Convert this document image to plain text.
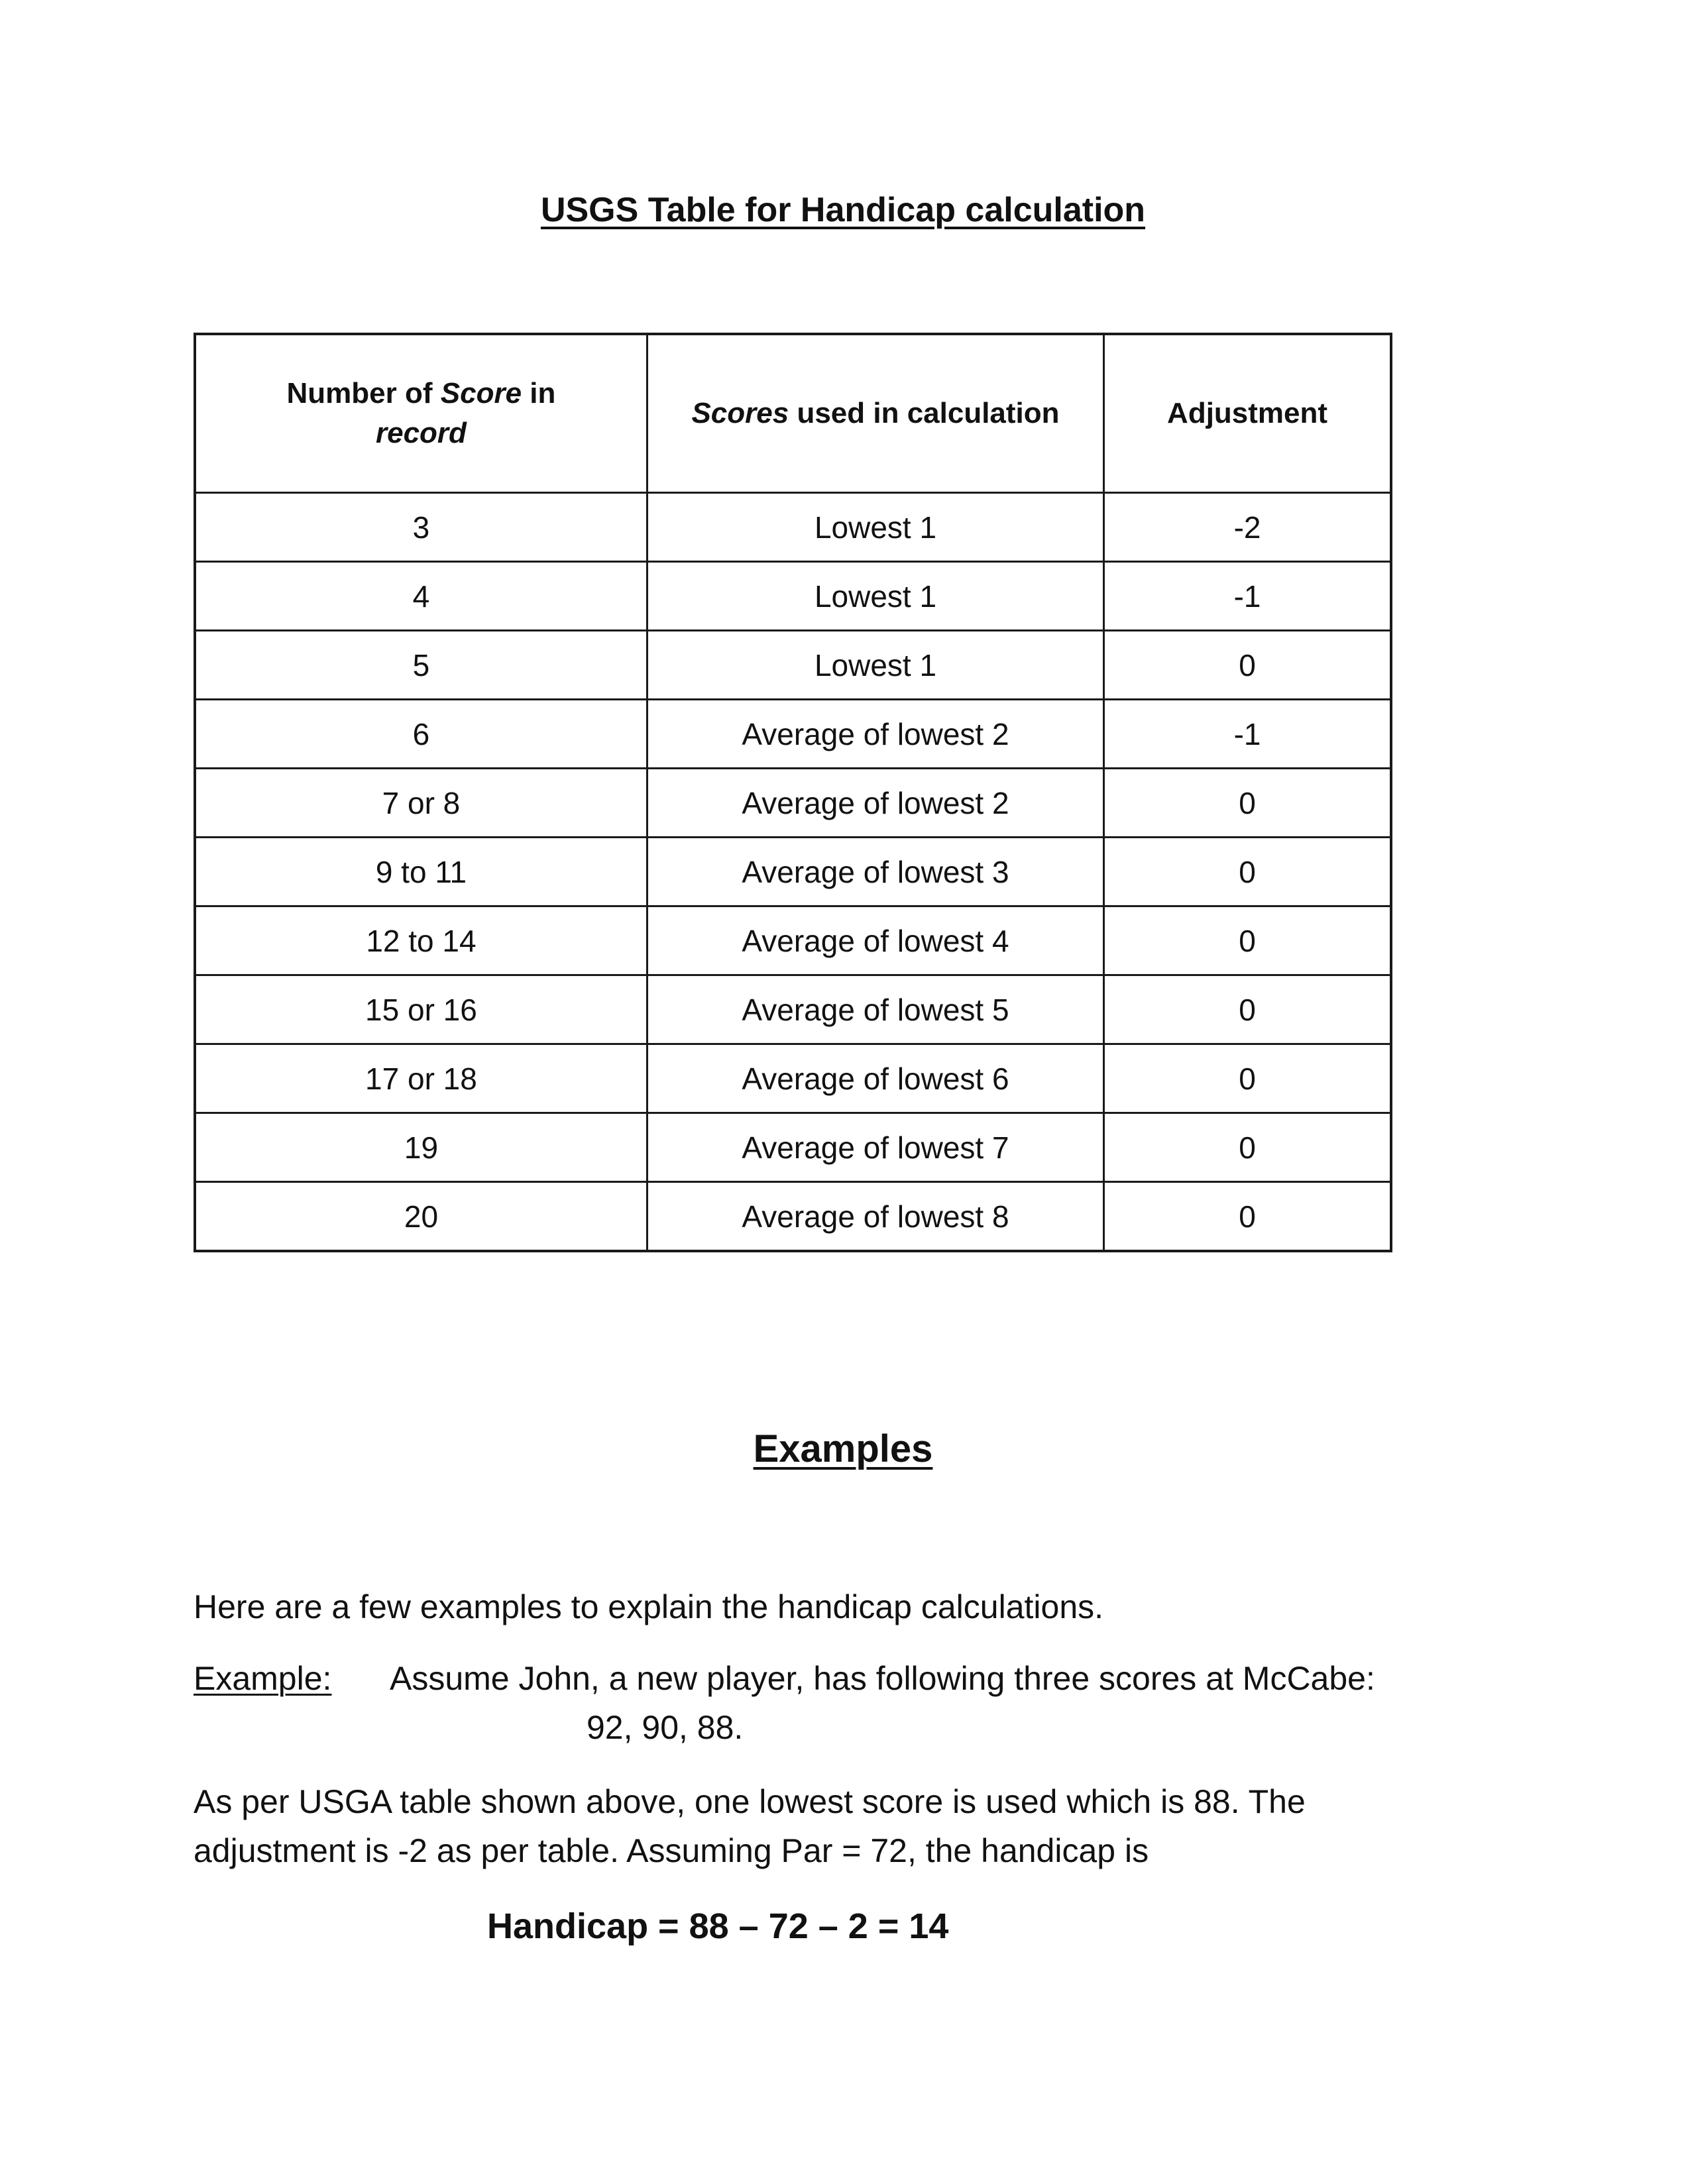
USGS Table for Handicap calculation
Number of Score in
record	Scores used in calculation	Adjustment
3	Lowest 1	-2
4	Lowest 1	-1
5	Lowest 1	0
6	Average of lowest 2	-1
7 or 8	Average of lowest 2	0
9 to 11	Average of lowest 3	0
12 to 14	Average of lowest 4	0
15 or 16	Average of lowest 5	0
17 or 18	Average of lowest 6	0
19	Average of lowest 7	0
20	Average of lowest 8	0
Examples

Here are a few examples to explain the handicap calculations.

Example: Assume John, a new player, has following three scores at McCabe:
92, 90, 88.

As per USGA table shown above, one lowest score is used which is 88. The

adjustment is -2 as per table. Assuming Par = 72, the handicap is

Handicap = 88 – 72 – 2 = 14
